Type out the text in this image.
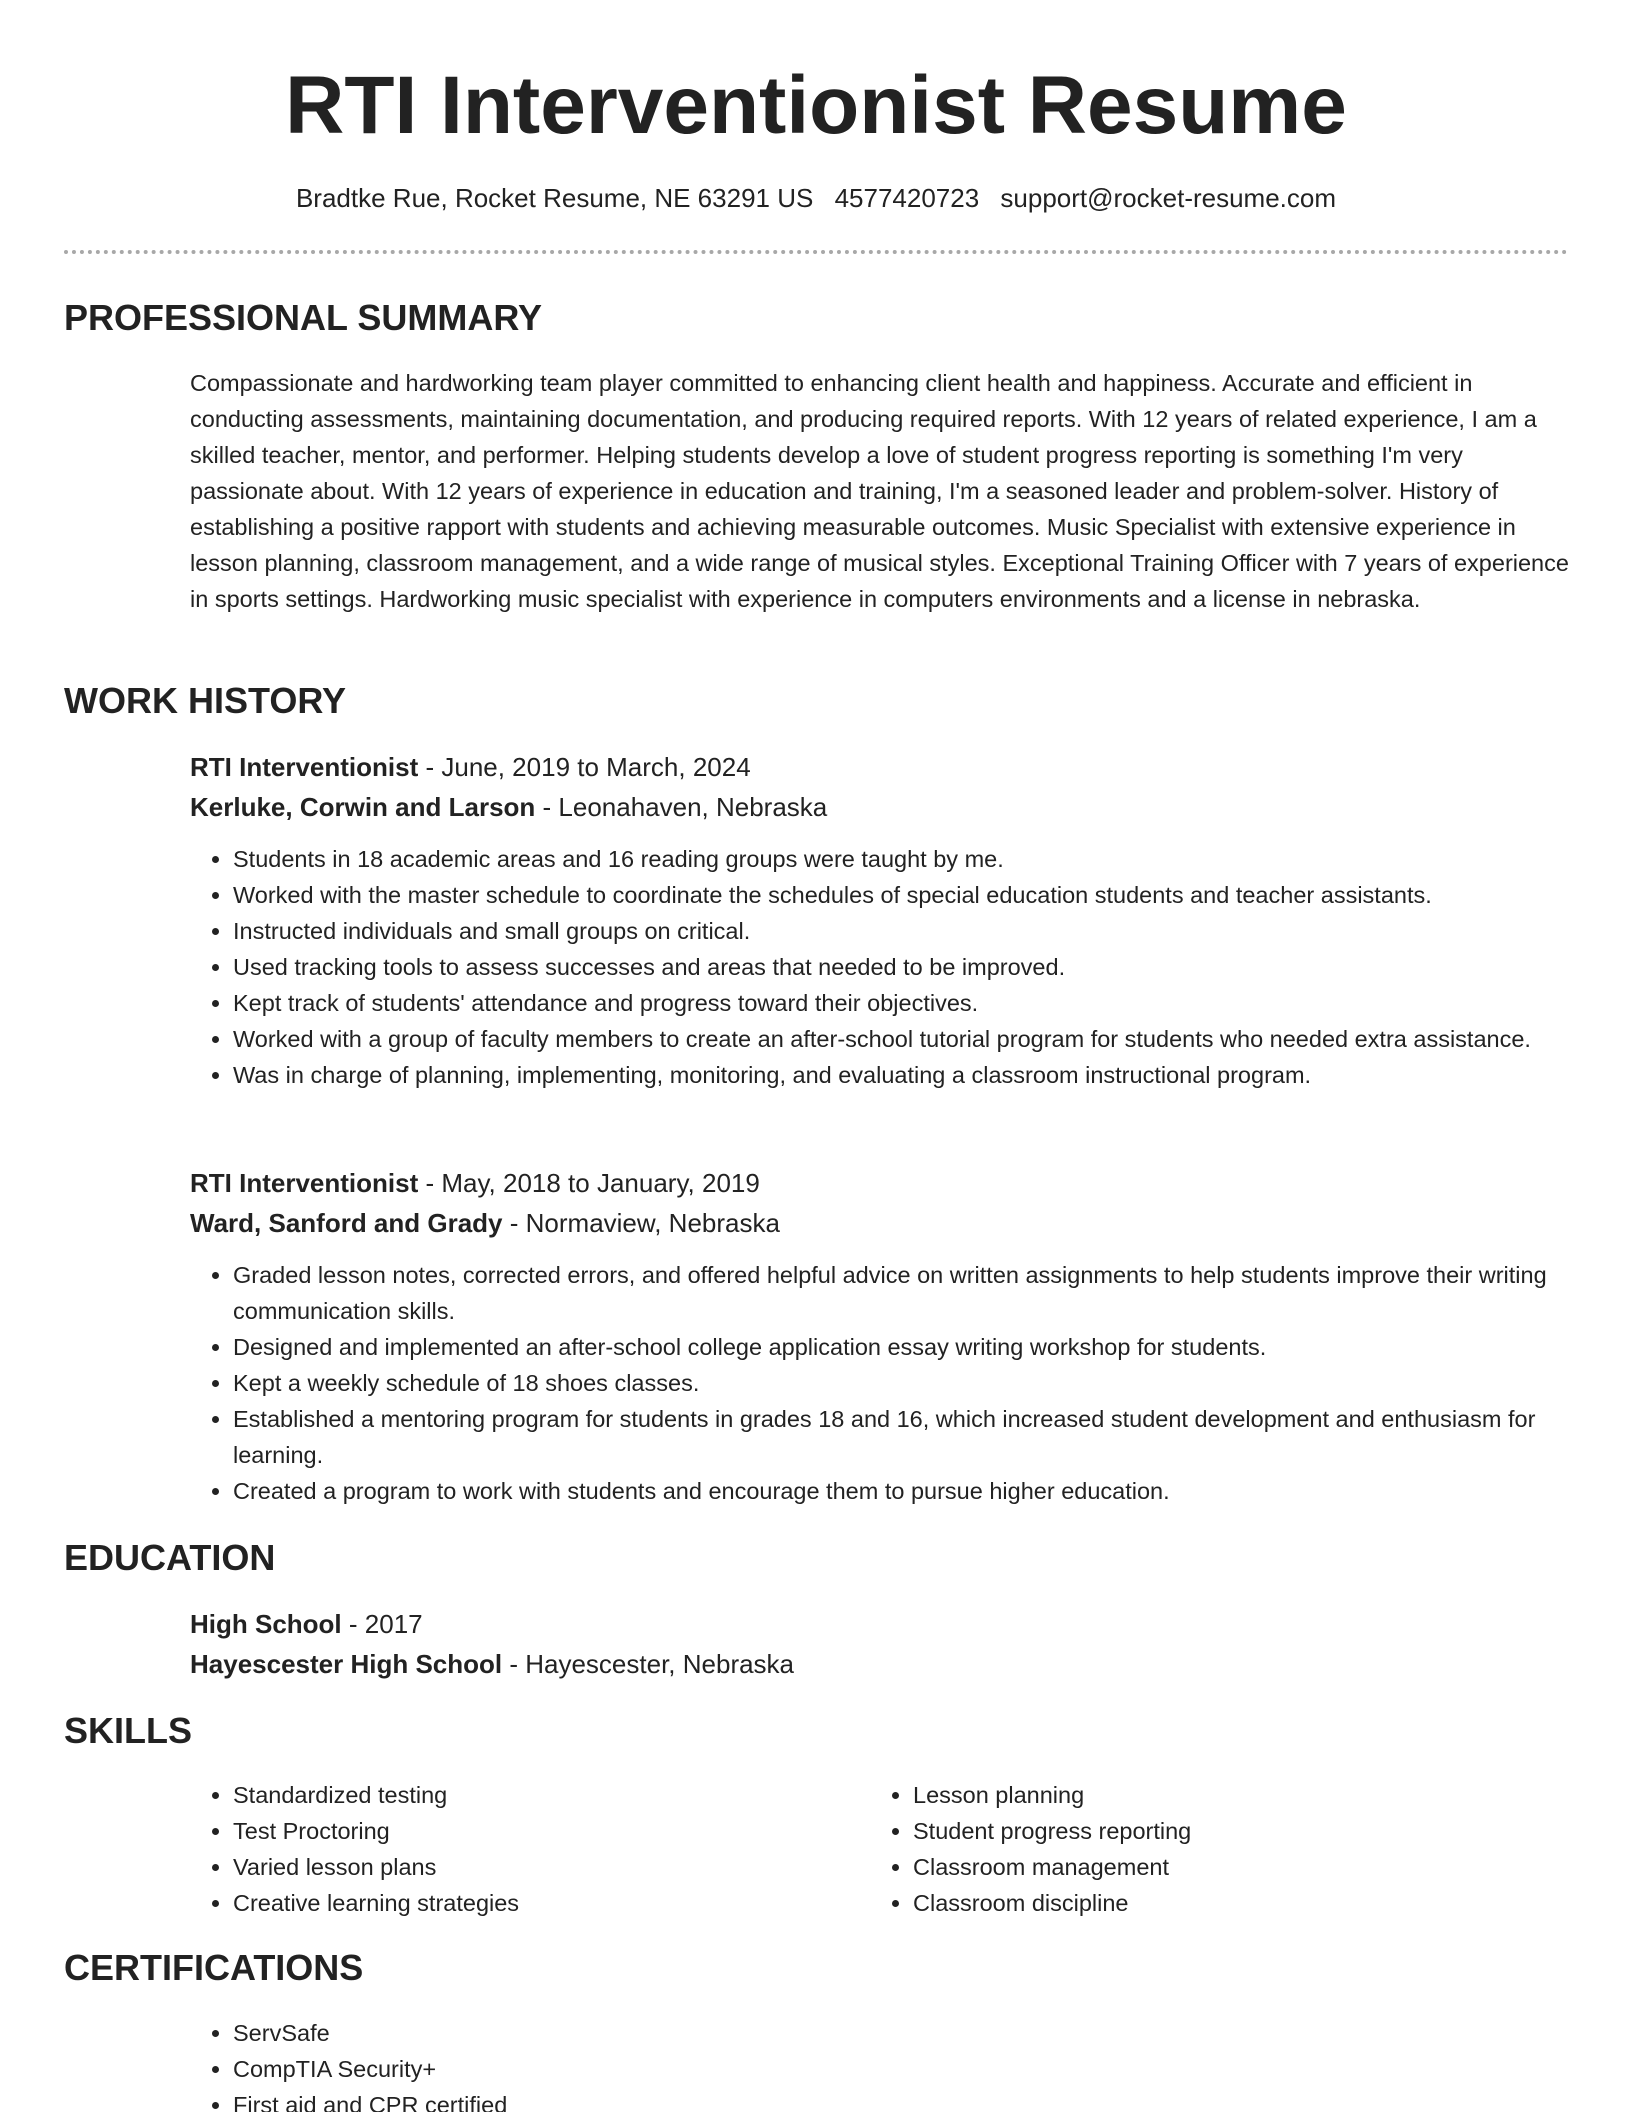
RTI Interventionist Resume
Bradtke Rue, Rocket Resume, NE 63291 US 4577420723 support@rocket-resume.com
PROFESSIONAL SUMMARY

Compassionate and hardworking team player committed to enhancing client health and happiness. Accurate and efficient in conducting assessments, maintaining documentation, and producing required reports. With 12 years of related experience, I am a skilled teacher, mentor, and performer. Helping students develop a love of student progress reporting is something I'm very passionate about. With 12 years of experience in education and training, I'm a seasoned leader and problem-solver. History of establishing a positive rapport with students and achieving measurable outcomes. Music Specialist with extensive experience in lesson planning, classroom management, and a wide range of musical styles. Exceptional Training Officer with 7 years of experience in sports settings. Hardworking music specialist with experience in computers environments and a license in nebraska.

WORK HISTORY
RTI Interventionist - June, 2019 to March, 2024
Kerluke, Corwin and Larson - Leonahaven, Nebraska
• Students in 18 academic areas and 16 reading groups were taught by me.
• Worked with the master schedule to coordinate the schedules of special education students and teacher assistants.
• Instructed individuals and small groups on critical.
• Used tracking tools to assess successes and areas that needed to be improved.
• Kept track of students' attendance and progress toward their objectives.
• Worked with a group of faculty members to create an after-school tutorial program for students who needed extra assistance.
• Was in charge of planning, implementing, monitoring, and evaluating a classroom instructional program.
RTI Interventionist - May, 2018 to January, 2019
Ward, Sanford and Grady - Normaview, Nebraska
• Graded lesson notes, corrected errors, and offered helpful advice on written assignments to help students improve their writing communication skills.
• Designed and implemented an after-school college application essay writing workshop for students.
• Kept a weekly schedule of 18 shoes classes.
• Established a mentoring program for students in grades 18 and 16, which increased student development and enthusiasm for learning.
• Created a program to work with students and encourage them to pursue higher education.
EDUCATION
High School - 2017
Hayescester High School - Hayescester, Nebraska
SKILLS
• Standardized testing
• Test Proctoring
• Varied lesson plans
• Creative learning strategies
• Lesson planning
• Student progress reporting
• Classroom management
• Classroom discipline
CERTIFICATIONS
• ServSafe
• CompTIA Security+
• First aid and CPR certified
